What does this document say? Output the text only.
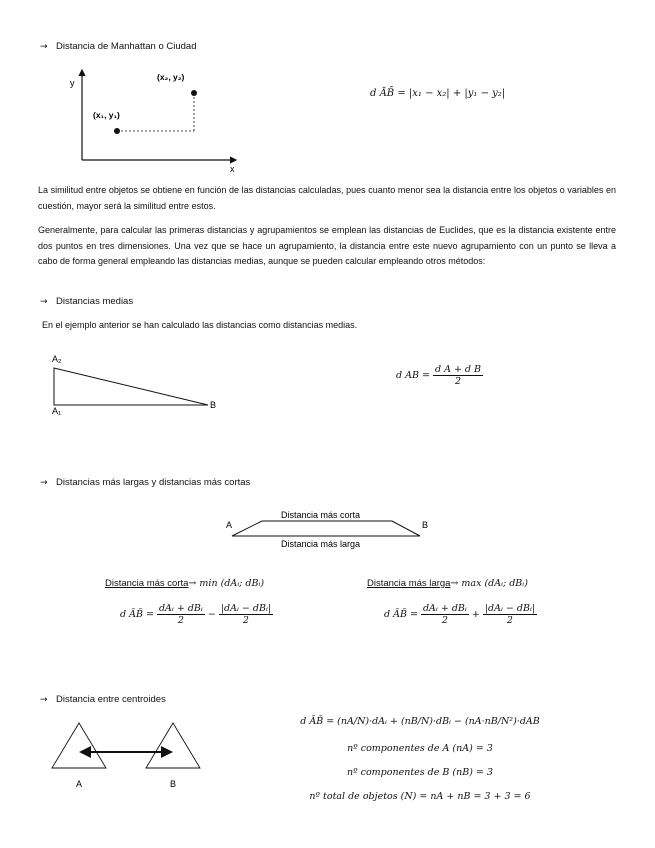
→ Distancia de Manhattan o Ciudad
y
x
(x₁, y₁)
(x₂, y₂)
d ĀB̄ = |x₁ − x₂| + |y₁ − y₂|
La similitud entre objetos se obtiene en función de las distancias calculadas, pues cuanto menor sea la distancia entre los objetos o variables en cuestión, mayor será la similitud entre estos.
Generalmente, para calcular las primeras distancias y agrupamientos se emplean las distancias de Euclides, que es la distancia existente entre dos puntos en tres dimensiones. Una vez que se hace un agrupamiento, la distancia entre este nuevo agrupamiento con un punto se lleva a cabo de forma general empleando las distancias medias, aunque se pueden calcular empleando otros métodos:
→ Distancias medias
En el ejemplo anterior se han calculado las distancias como distancias medias.
A₂
A₁
B
d AB = $\frac{\text{d A + d B}}{2}$
→ Distancias más largas y distancias más cortas
A	B
Distancia más corta
Distancia más larga
Distancia más corta→ min (dAᵢ; dBᵢ)	Distancia más larga→ max (dAᵢ; dBᵢ)
d ĀB̄ = $\frac{\text{dAᵢ + dBᵢ}}{2} - \frac{\text{|dAᵢ − dBᵢ|}}{2}$	d ĀB̄ = $\frac{\text{dAᵢ + dBᵢ}}{2} + \frac{\text{|dAᵢ − dBᵢ|}}{2}$
→ Distancia entre centroides
A	B
d ĀB̄ = (nA/N)·dAᵢ + (nB/N)·dBᵢ − (nA·nB/N²)·dAB
nº componentes de A (nA) = 3
nº componentes de B (nB) = 3
nº total de objetos (N) = nA + nB = 3 + 3 = 6
